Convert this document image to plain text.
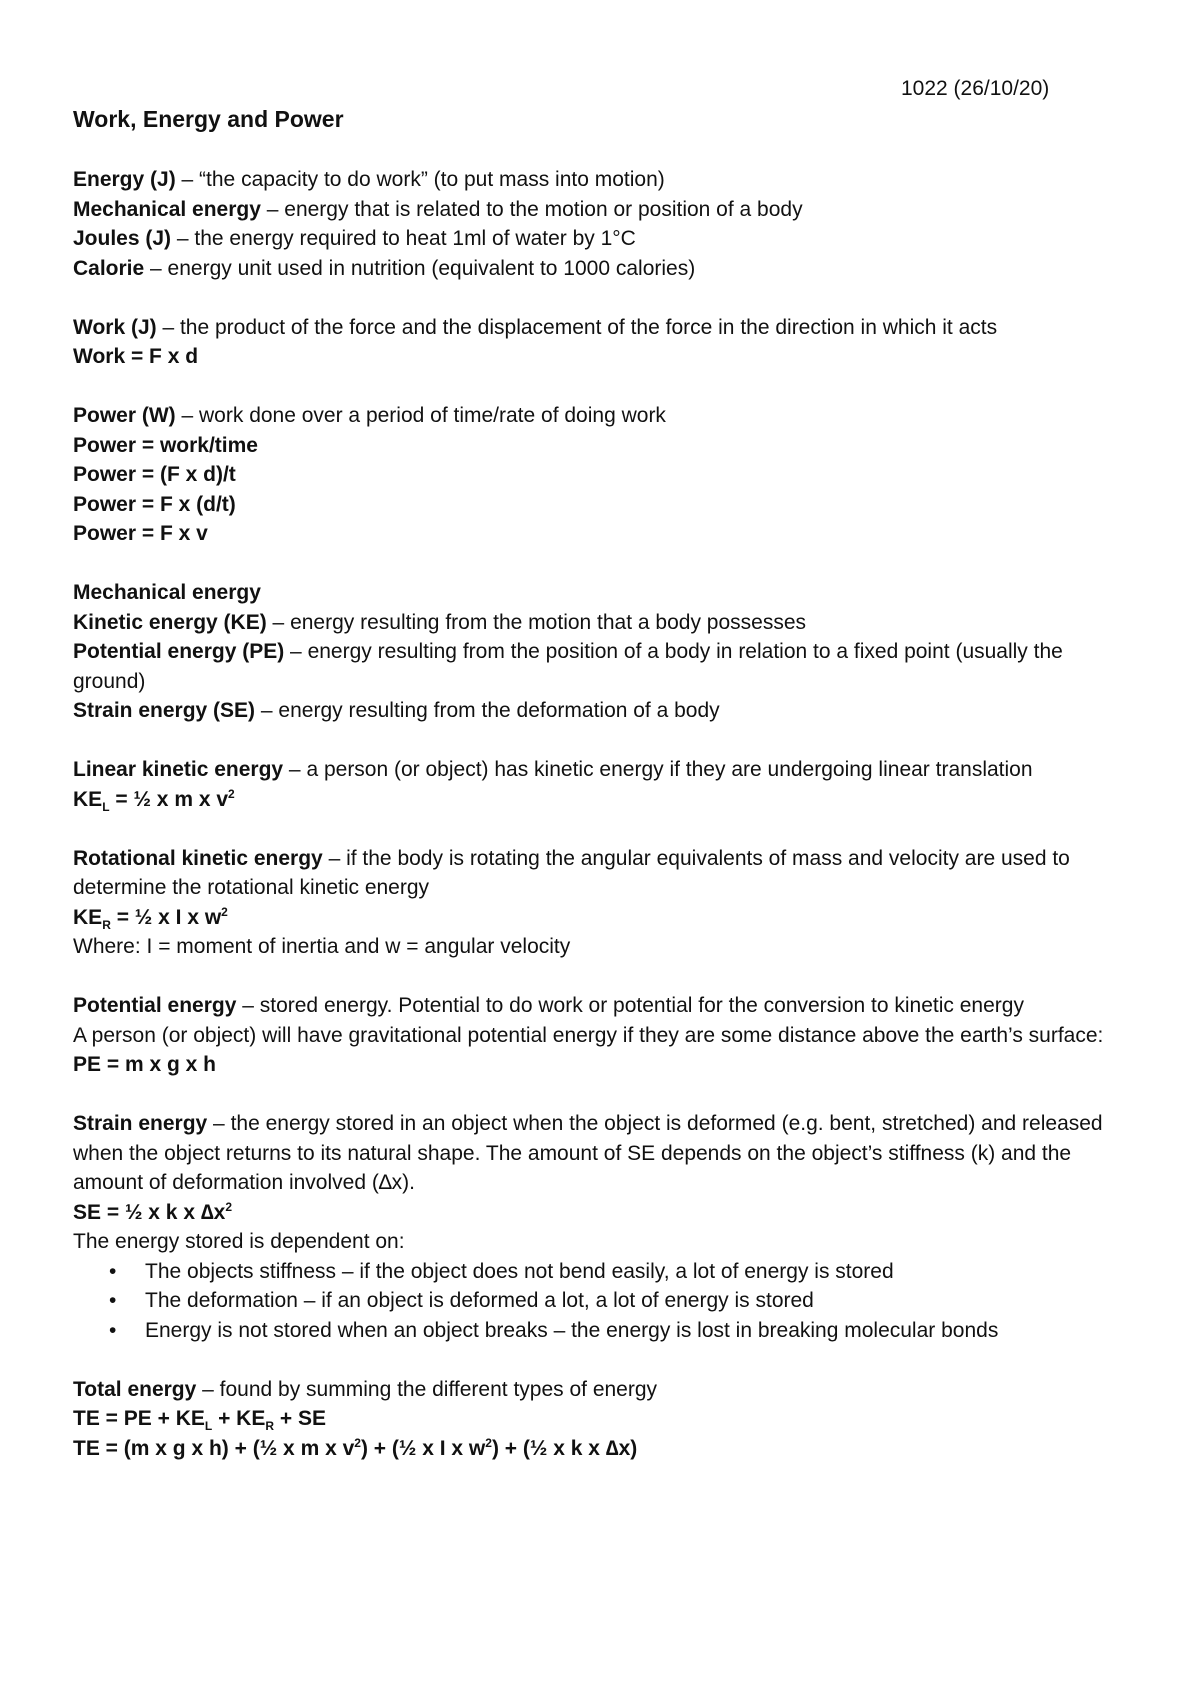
1022 (26/10/20)
Work, Energy and Power
Energy (J) – “the capacity to do work” (to put mass into motion)
Mechanical energy – energy that is related to the motion or position of a body
Joules (J) – the energy required to heat 1ml of water by 1°C
Calorie – energy unit used in nutrition (equivalent to 1000 calories)
Work (J) – the product of the force and the displacement of the force in the direction in which it acts
Work = F x d
Power (W) – work done over a period of time/rate of doing work
Power = work/time
Power = (F x d)/t
Power = F x (d/t)
Power = F x v
Mechanical energy
Kinetic energy (KE) – energy resulting from the motion that a body possesses
Potential energy (PE) – energy resulting from the position of a body in relation to a fixed point (usually the ground)
Strain energy (SE) – energy resulting from the deformation of a body
Linear kinetic energy – a person (or object) has kinetic energy if they are undergoing linear translation
$KE_L$ = ½ x m x $v^2$
Rotational kinetic energy – if the body is rotating the angular equivalents of mass and velocity are used to determine the rotational kinetic energy
$KE_R$ = ½ x I x $w^2$
Where: I = moment of inertia and w = angular velocity
Potential energy – stored energy. Potential to do work or potential for the conversion to kinetic energy
A person (or object) will have gravitational potential energy if they are some distance above the earth’s surface:
PE = m x g x h
Strain energy – the energy stored in an object when the object is deformed (e.g. bent, stretched) and released when the object returns to its natural shape. The amount of SE depends on the object’s stiffness (k) and the amount of deformation involved (∆x).
SE = ½ x k x $\Delta x^2$
The energy stored is dependent on:
• The objects stiffness – if the object does not bend easily, a lot of energy is stored
• The deformation – if an object is deformed a lot, a lot of energy is stored
• Energy is not stored when an object breaks – the energy is lost in breaking molecular bonds
Total energy – found by summing the different types of energy
TE = PE + $KE_L + KE_R$ + SE
TE = (m x g x h) + (½ x m x $v^2$) + (½ x I x $w^2$) + (½ x k x ∆x)
